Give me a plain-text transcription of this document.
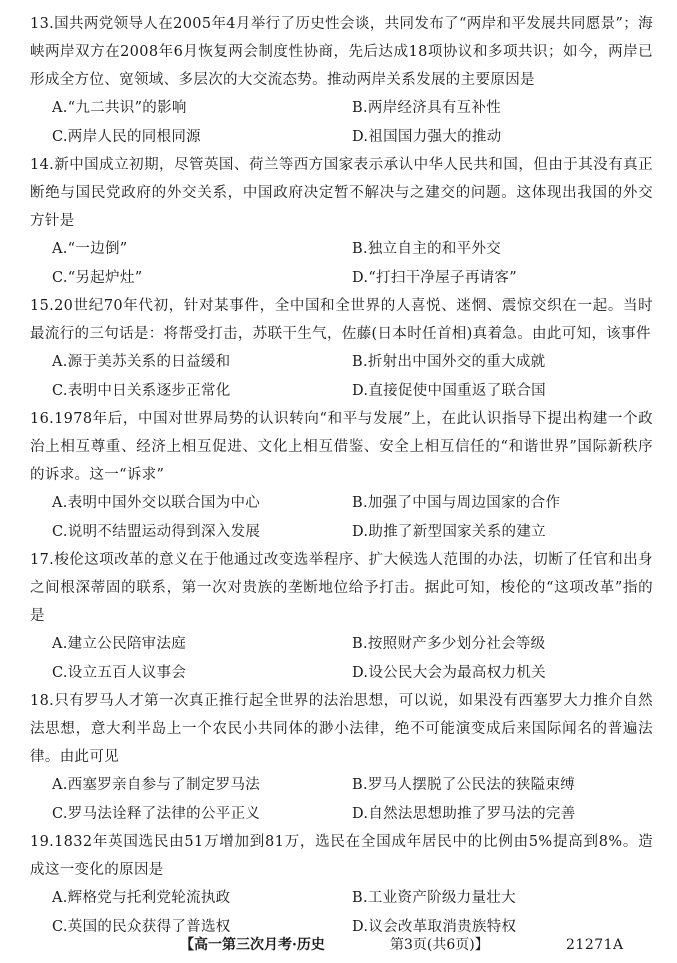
13.国共两党领导人在2005年4月举行了历史性会谈，共同发布了“两岸和平发展共同愿景”；海峡两岸双方在2008年6月恢复两会制度性协商，先后达成18项协议和多项共识；如今，两岸已形成全方位、宽领域、多层次的大交流态势。推动两岸关系发展的主要原因是

A.“九二共识”的影响	B.两岸经济具有互补性
C.两岸人民的同根同源	D.祖国国力强大的推动

14.新中国成立初期，尽管英国、荷兰等西方国家表示承认中华人民共和国，但由于其没有真正断绝与国民党政府的外交关系，中国政府决定暂不解决与之建交的问题。这体现出我国的外交方针是

A.“一边倒”	B.独立自主的和平外交
C.“另起炉灶”	D.“打扫干净屋子再请客”

15.20世纪70年代初，针对某事件，全中国和全世界的人喜悦、迷惘、震惊交织在一起。当时最流行的三句话是：将帮受打击，苏联干生气，佐藤(日本时任首相)真着急。由此可知，该事件

A.源于美苏关系的日益缓和	B.折射出中国外交的重大成就
C.表明中日关系逐步正常化	D.直接促使中国重返了联合国

16.1978年后，中国对世界局势的认识转向“和平与发展”上，在此认识指导下提出构建一个政治上相互尊重、经济上相互促进、文化上相互借鉴、安全上相互信任的“和谐世界”国际新秩序的诉求。这一“诉求”

A.表明中国外交以联合国为中心	B.加强了中国与周边国家的合作
C.说明不结盟运动得到深入发展	D.助推了新型国家关系的建立

17.梭伦这项改革的意义在于他通过改变选举程序、扩大候选人范围的办法，切断了任官和出身之间根深蒂固的联系，第一次对贵族的垄断地位给予打击。据此可知，梭伦的“这项改革”指的是

A.建立公民陪审法庭	B.按照财产多少划分社会等级
C.设立五百人议事会	D.设公民大会为最高权力机关

18.只有罗马人才第一次真正推行起全世界的法治思想，可以说，如果没有西塞罗大力推介自然法思想，意大利半岛上一个农民小共同体的渺小法律，绝不可能演变成后来国际闻名的普遍法律。由此可见

A.西塞罗亲自参与了制定罗马法	B.罗马人摆脱了公民法的狭隘束缚
C.罗马法诠释了法律的公平正义	D.自然法思想助推了罗马法的完善

19.1832年英国选民由51万增加到81万，选民在全国成年居民中的比例由5%提高到8%。造成这一变化的原因是

A.辉格党与托利党轮流执政	B.工业资产阶级力量壮大
C.英国的民众获得了普选权	D.议会改革取消贵族特权
【高一第三次月考·历史	第3页(共6页)】	21271A
